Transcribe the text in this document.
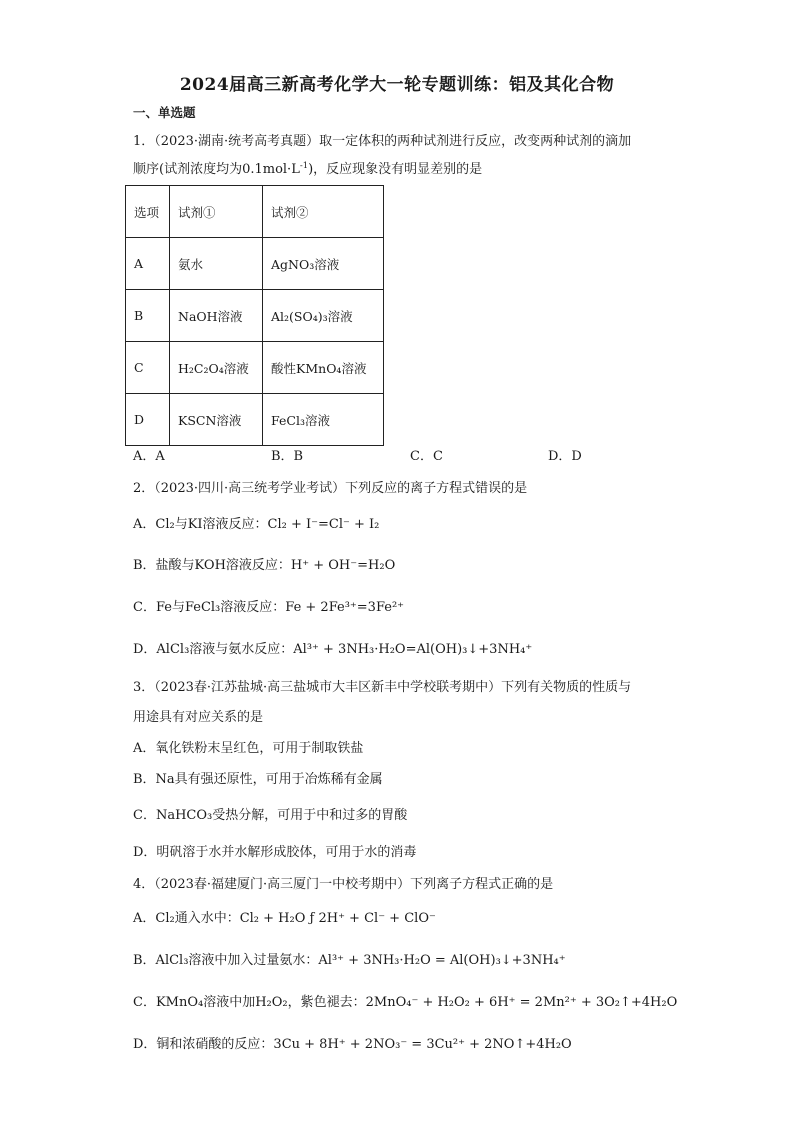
2024届高三新高考化学大一轮专题训练：铝及其化合物
一、单选题
1．（2023·湖南·统考高考真题）取一定体积的两种试剂进行反应，改变两种试剂的滴加
顺序(试剂浓度均为$0.1mol\cdot L^{-1}$)，反应现象没有明显差别的是
选项	试剂①	试剂②
A	氨水	AgNO₃溶液
B	NaOH溶液	Al₂(SO₄)₃溶液
C	H₂C₂O₄溶液	酸性KMnO₄溶液
D	KSCN溶液	FeCl₃溶液
A．A	B．B	C．C	D．D
2．（2023·四川·高三统考学业考试）下列反应的离子方程式错误的是
A．Cl₂与KI溶液反应：Cl₂ + I⁻=Cl⁻ + I₂
B．盐酸与KOH溶液反应：H⁺ + OH⁻=H₂O
C．Fe与FeCl₃溶液反应：Fe + 2Fe³⁺=3Fe²⁺
D．AlCl₃溶液与氨水反应：Al³⁺ + 3NH₃·H₂O=Al(OH)₃↓+3NH₄⁺
3．（2023春·江苏盐城·高三盐城市大丰区新丰中学校联考期中）下列有关物质的性质与
用途具有对应关系的是
A．氧化铁粉末呈红色，可用于制取铁盐
B．Na具有强还原性，可用于冶炼稀有金属
C．NaHCO₃受热分解，可用于中和过多的胃酸
D．明矾溶于水并水解形成胶体，可用于水的消毒
4．（2023春·福建厦门·高三厦门一中校考期中）下列离子方程式正确的是
A．Cl₂通入水中：Cl₂ + H₂O ƒ 2H⁺ + Cl⁻ + ClO⁻
B．AlCl₃溶液中加入过量氨水：Al³⁺ + 3NH₃·H₂O = Al(OH)₃↓+3NH₄⁺
C．KMnO₄溶液中加H₂O₂，紫色褪去：2MnO₄⁻ + H₂O₂ + 6H⁺ = 2Mn²⁺ + 3O₂↑+4H₂O
D．铜和浓硝酸的反应：3Cu + 8H⁺ + 2NO₃⁻ = 3Cu²⁺ + 2NO↑+4H₂O
